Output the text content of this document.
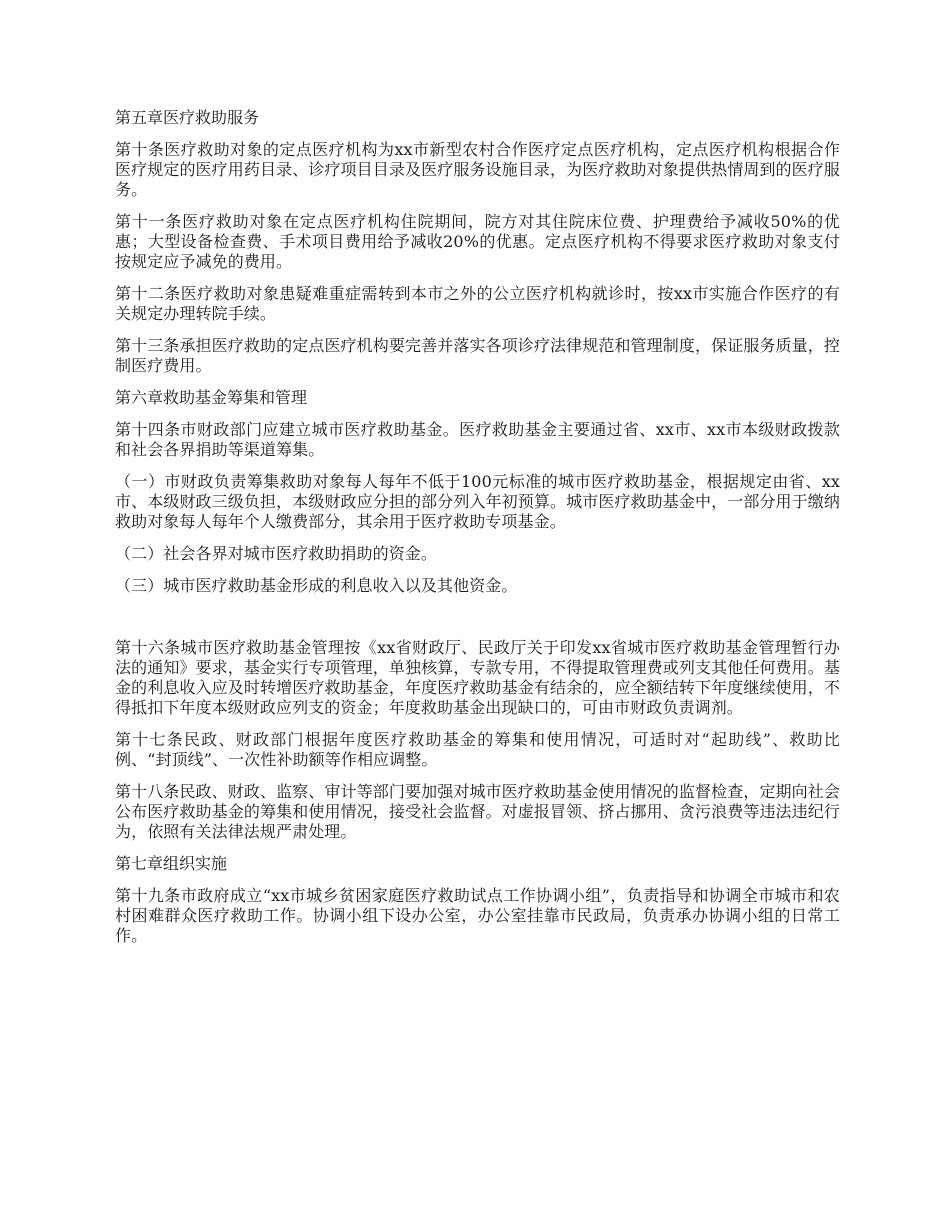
第五章医疗救助服务

第十条医疗救助对象的定点医疗机构为xx市新型农村合作医疗定点医疗机构，定点医疗机构根据合作医疗规定的医疗用药目录、诊疗项目目录及医疗服务设施目录，为医疗救助对象提供热情周到的医疗服务。

第十一条医疗救助对象在定点医疗机构住院期间，院方对其住院床位费、护理费给予减收50%的优惠；大型设备检查费、手术项目费用给予减收20%的优惠。定点医疗机构不得要求医疗救助对象支付按规定应予减免的费用。

第十二条医疗救助对象患疑难重症需转到本市之外的公立医疗机构就诊时，按xx市实施合作医疗的有关规定办理转院手续。

第十三条承担医疗救助的定点医疗机构要完善并落实各项诊疗法律规范和管理制度，保证服务质量，控制医疗费用。

第六章救助基金筹集和管理

第十四条市财政部门应建立城市医疗救助基金。医疗救助基金主要通过省、xx市、xx市本级财政拨款和社会各界捐助等渠道筹集。

（一）市财政负责筹集救助对象每人每年不低于100元标准的城市医疗救助基金，根据规定由省、xx市、本级财政三级负担，本级财政应分担的部分列入年初预算。城市医疗救助基金中，一部分用于缴纳救助对象每人每年个人缴费部分，其余用于医疗救助专项基金。

（二）社会各界对城市医疗救助捐助的资金。

（三）城市医疗救助基金形成的利息收入以及其他资金。

第十六条城市医疗救助基金管理按《xx省财政厅、民政厅关于印发xx省城市医疗救助基金管理暂行办法的通知》要求，基金实行专项管理，单独核算，专款专用，不得提取管理费或列支其他任何费用。基金的利息收入应及时转增医疗救助基金，年度医疗救助基金有结余的，应全额结转下年度继续使用，不得抵扣下年度本级财政应列支的资金；年度救助基金出现缺口的，可由市财政负责调剂。

第十七条民政、财政部门根据年度医疗救助基金的筹集和使用情况，可适时对“起助线”、救助比例、“封顶线”、一次性补助额等作相应调整。

第十八条民政、财政、监察、审计等部门要加强对城市医疗救助基金使用情况的监督检查，定期向社会公布医疗救助基金的筹集和使用情况，接受社会监督。对虚报冒领、挤占挪用、贪污浪费等违法违纪行为，依照有关法律法规严肃处理。

第七章组织实施

第十九条市政府成立“xx市城乡贫困家庭医疗救助试点工作协调小组”，负责指导和协调全市城市和农村困难群众医疗救助工作。协调小组下设办公室，办公室挂靠市民政局，负责承办协调小组的日常工作。
